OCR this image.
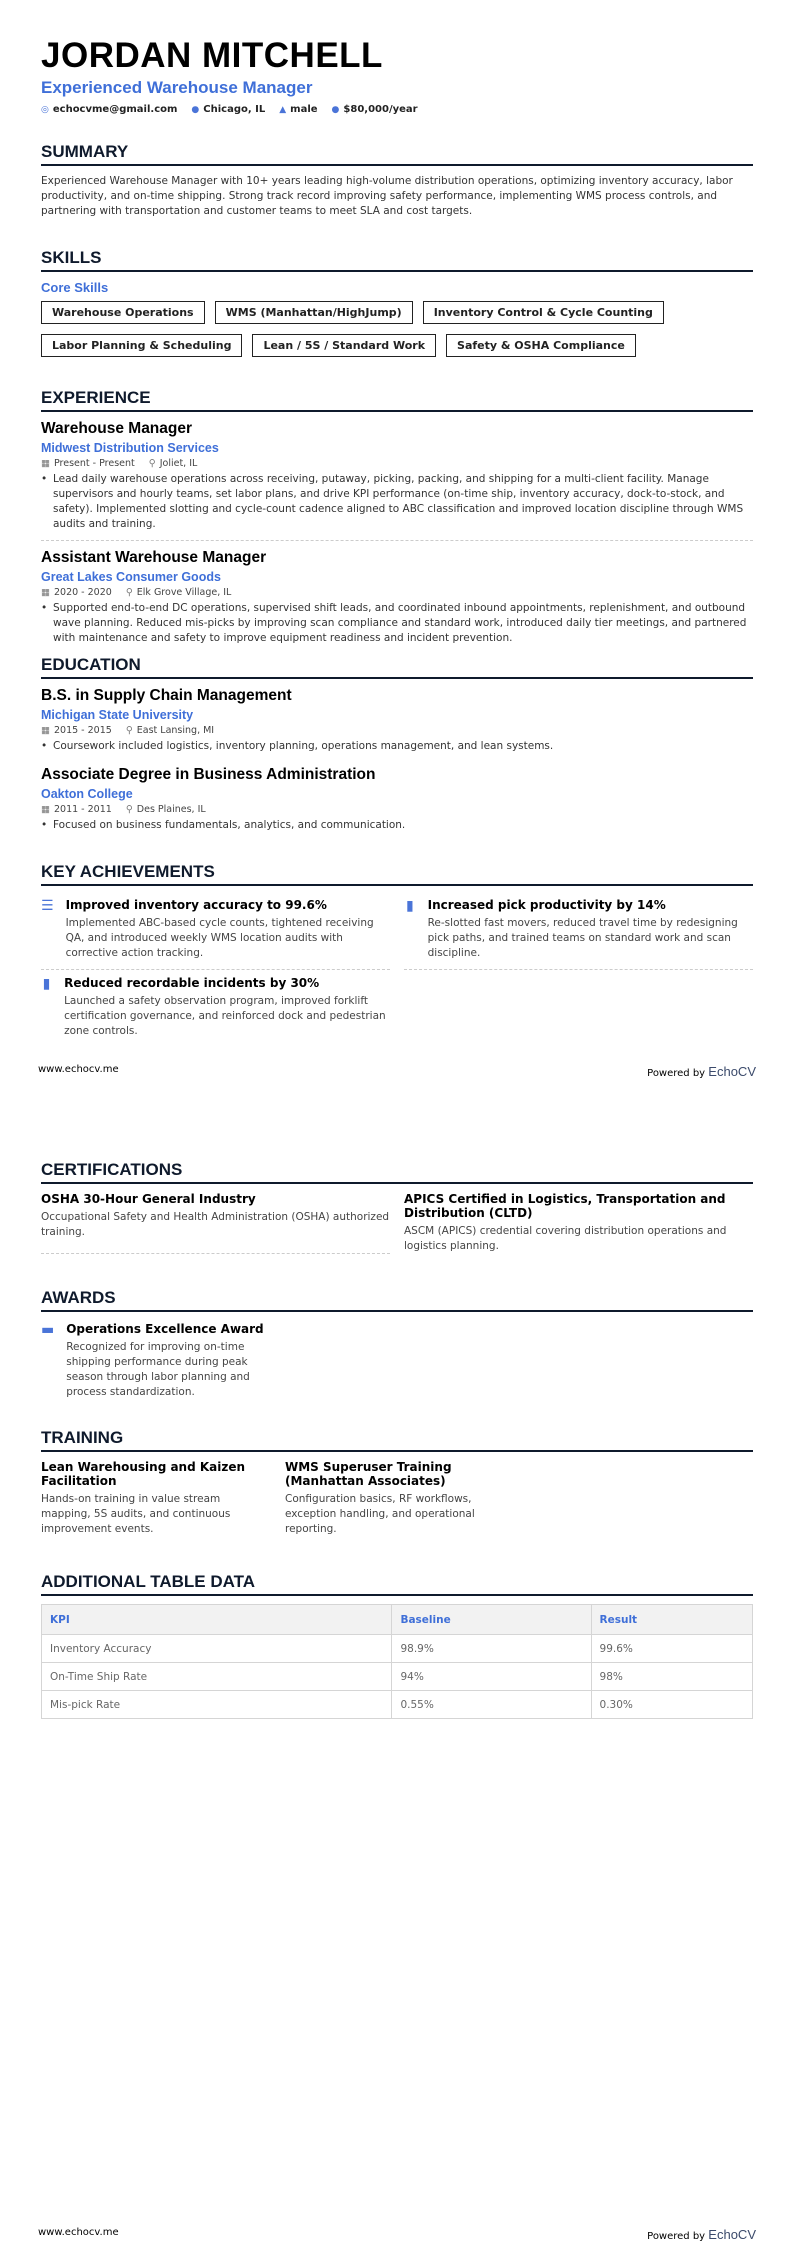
JORDAN MITCHELL
Experienced Warehouse Manager
◎ echocvme@gmail.com ● Chicago, IL ▲ male ● $80,000/year
SUMMARY
Experienced Warehouse Manager with 10+ years leading high-volume distribution operations, optimizing inventory accuracy, labor productivity, and on-time shipping. Strong track record improving safety performance, implementing WMS process controls, and partnering with transportation and customer teams to meet SLA and cost targets.
SKILLS
Core Skills
Warehouse Operations	WMS (Manhattan/HighJump)	Inventory Control & Cycle Counting
Labor Planning & Scheduling	Lean / 5S / Standard Work	Safety & OSHA Compliance
EXPERIENCE
Warehouse Manager
Midwest Distribution Services
▦ Present - Present ⚲ Joliet, IL
• Lead daily warehouse operations across receiving, putaway, picking, packing, and shipping for a multi-client facility. Manage supervisors and hourly teams, set labor plans, and drive KPI performance (on-time ship, inventory accuracy, dock-to-stock, and safety). Implemented slotting and cycle-count cadence aligned to ABC classification and improved location discipline through WMS audits and training.
Assistant Warehouse Manager
Great Lakes Consumer Goods
▦ 2020 - 2020 ⚲ Elk Grove Village, IL
• Supported end-to-end DC operations, supervised shift leads, and coordinated inbound appointments, replenishment, and outbound wave planning. Reduced mis-picks by improving scan compliance and standard work, introduced daily tier meetings, and partnered with maintenance and safety to improve equipment readiness and incident prevention.
EDUCATION
B.S. in Supply Chain Management
Michigan State University
▦ 2015 - 2015 ⚲ East Lansing, MI
• Coursework included logistics, inventory planning, operations management, and lean systems.
Associate Degree in Business Administration
Oakton College
▦ 2011 - 2011 ⚲ Des Plaines, IL
• Focused on business fundamentals, analytics, and communication.
KEY ACHIEVEMENTS
☰ Improved inventory accuracy to 99.6%
Implemented ABC-based cycle counts, tightened receiving QA, and introduced weekly WMS location audits with corrective action tracking.
▮ Increased pick productivity by 14%
Re-slotted fast movers, reduced travel time by redesigning pick paths, and trained teams on standard work and scan discipline.
▮ Reduced recordable incidents by 30%
Launched a safety observation program, improved forklift certification governance, and reinforced dock and pedestrian zone controls.
www.echocv.me	Powered by EchoCV
CERTIFICATIONS
OSHA 30-Hour General Industry
Occupational Safety and Health Administration (OSHA) authorized training.
APICS Certified in Logistics, Transportation and Distribution (CLTD)
ASCM (APICS) credential covering distribution operations and logistics planning.
AWARDS
▬ Operations Excellence Award
Recognized for improving on-time shipping performance during peak season through labor planning and process standardization.
TRAINING
Lean Warehousing and Kaizen Facilitation
Hands-on training in value stream mapping, 5S audits, and continuous improvement events.
WMS Superuser Training (Manhattan Associates)
Configuration basics, RF workflows, exception handling, and operational reporting.
ADDITIONAL TABLE DATA
KPI	Baseline	Result
Inventory Accuracy	98.9%	99.6%
On-Time Ship Rate	94%	98%
Mis-pick Rate	0.55%	0.30%
www.echocv.me	Powered by EchoCV
